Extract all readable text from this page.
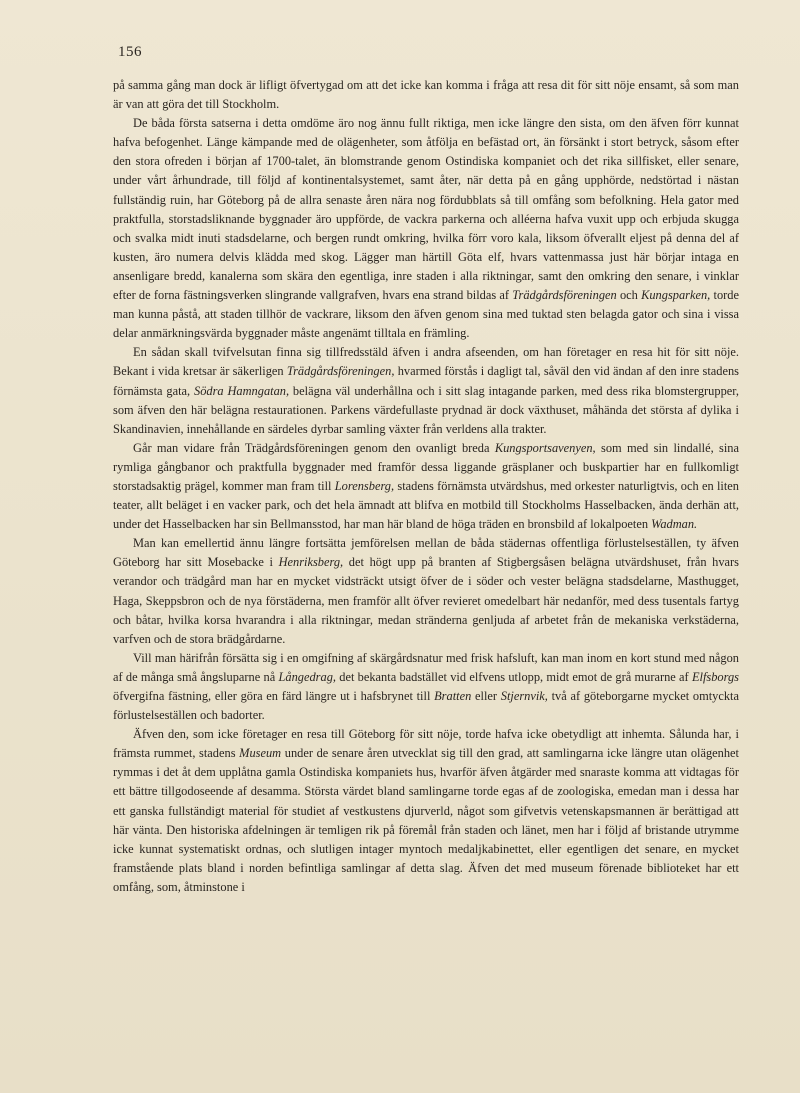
156

på samma gång man dock är lifligt öfvertygad om att det icke kan komma i fråga att resa dit för sitt nöje ensamt, så som man är van att göra det till Stockholm.

De båda första satserna i detta omdöme äro nog ännu fullt riktiga, men icke längre den sista, om den äfven förr kunnat hafva befogenhet. Länge kämpande med de olägenheter, som åtfölja en befästad ort, än försänkt i stort betryck, såsom efter den stora ofreden i början af 1700-talet, än blomstrande genom Ostindiska kompaniet och det rika sillfisket, eller senare, under vårt århundrade, till följd af kontinentalsystemet, samt åter, när detta på en gång upphörde, nedstörtad i nästan fullständig ruin, har Göteborg på de allra senaste åren nära nog fördubblats så till omfång som befolkning. Hela gator med praktfulla, storstadsliknande byggnader äro uppförde, de vackra parkerna och alléerna hafva vuxit upp och erbjuda skugga och svalka midt inuti stadsdelarne, och bergen rundt omkring, hvilka förr voro kala, liksom öfverallt eljest på denna del af kusten, äro numera delvis klädda med skog. Lägger man härtill Göta elf, hvars vattenmassa just här börjar intaga en ansenligare bredd, kanalerna som skära den egentliga, inre staden i alla riktningar, samt den omkring den senare, i vinklar efter de forna fästningsverken slingrande vallgrafven, hvars ena strand bildas af Trädgårdsföreningen och Kungsparken, torde man kunna påstå, att staden tillhör de vackrare, liksom den äfven genom sina med tuktad sten belagda gator och sina i vissa delar anmärkningsvärda byggnader måste angenämt tilltala en främling.

En sådan skall tvifvelsutan finna sig tillfredsstäld äfven i andra afseenden, om han företager en resa hit för sitt nöje. Bekant i vida kretsar är säkerligen Trädgårdsföreningen, hvarmed förstås i dagligt tal, såväl den vid ändan af den inre stadens förnämsta gata, Södra Hamngatan, belägna väl underhållna och i sitt slag intagande parken, med dess rika blomstergrupper, som äfven den här belägna restaurationen. Parkens värdefullaste prydnad är dock växthuset, måhända det största af dylika i Skandinavien, innehållande en särdeles dyrbar samling växter från verldens alla trakter.

Går man vidare från Trädgårdsföreningen genom den ovanligt breda Kungsportsavenyen, som med sin lindallé, sina rymliga gångbanor och praktfulla byggnader med framför dessa liggande gräsplaner och buskpartier har en fullkomligt storstadsaktig prägel, kommer man fram till Lorensberg, stadens förnämsta utvärdshus, med orkester naturligtvis, och en liten teater, allt beläget i en vacker park, och det hela ämnadt att blifva en motbild till Stockholms Hasselbacken, ända derhän att, under det Hasselbacken har sin Bellmansstod, har man här bland de höga träden en bronsbild af lokalpoeten Wadman.

Man kan emellertid ännu längre fortsätta jemförelsen mellan de båda städernas offentliga förlustelseställen, ty äfven Göteborg har sitt Mosebacke i Henriksberg, det högt upp på branten af Stigbergsåsen belägna utvärdshuset, från hvars verandor och trädgård man har en mycket vidsträckt utsigt öfver de i söder och vester belägna stadsdelarne, Masthugget, Haga, Skeppsbron och de nya förstäderna, men framför allt öfver revieret omedelbart här nedanför, med dess tusentals fartyg och båtar, hvilka korsa hvarandra i alla riktningar, medan stränderna genljuda af arbetet från de mekaniska verkstäderna, varfven och de stora brädgårdarne.

Vill man härifrån försätta sig i en omgifning af skärgårdsnatur med frisk hafsluft, kan man inom en kort stund med någon af de många små ångsluparne nå Långedrag, det bekanta badstället vid elfvens utlopp, midt emot de grå murarne af Elfsborgs öfvergifna fästning, eller göra en färd längre ut i hafsbrynet till Bratten eller Stjernvik, två af göteborgarne mycket omtyckta förlustelseställen och badorter.

Äfven den, som icke företager en resa till Göteborg för sitt nöje, torde hafva icke obetydligt att inhemta. Sålunda har, i främsta rummet, stadens Museum under de senare åren utvecklat sig till den grad, att samlingarna icke längre utan olägenhet rymmas i det åt dem upplåtna gamla Ostindiska kompaniets hus, hvarför äfven åtgärder med snaraste komma att vidtagas för ett bättre tillgodoseende af desamma. Största värdet bland samlingarne torde egas af de zoologiska, emedan man i dessa har ett ganska fullständigt material för studiet af vestkustens djurverld, något som gifvetvis vetenskapsmannen är berättigad att här vänta. Den historiska afdelningen är temligen rik på föremål från staden och länet, men har i följd af bristande utrymme icke kunnat systematiskt ordnas, och slutligen intager myntoch medaljkabinettet, eller egentligen det senare, en mycket framstående plats bland i norden befintliga samlingar af detta slag. Äfven det med museum förenade biblioteket har ett omfång, som, åtminstone i
